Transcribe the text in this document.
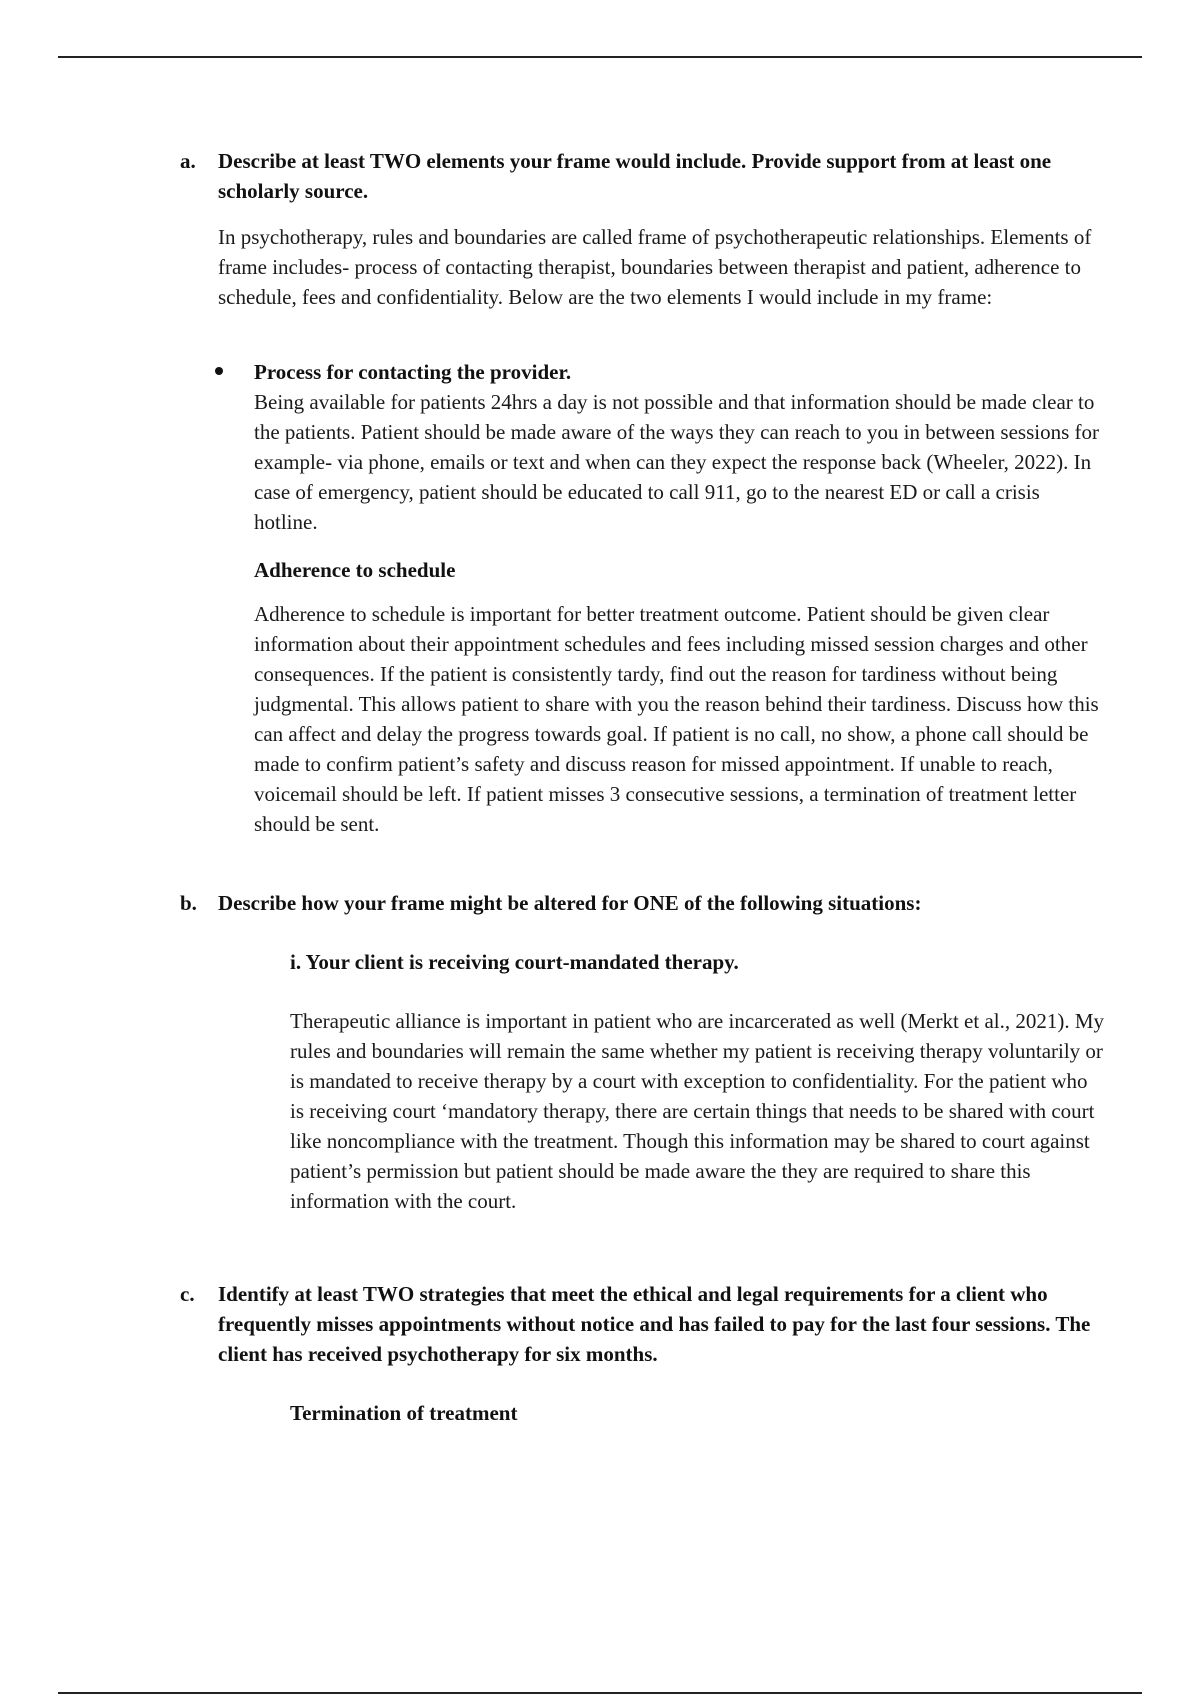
a. Describe at least TWO elements your frame would include. Provide support from at least one scholarly source.

In psychotherapy, rules and boundaries are called frame of psychotherapeutic relationships. Elements of frame includes- process of contacting therapist, boundaries between therapist and patient, adherence to schedule, fees and confidentiality. Below are the two elements I would include in my frame:

Process for contacting the provider.

Being available for patients 24hrs a day is not possible and that information should be made clear to the patients. Patient should be made aware of the ways they can reach to you in between sessions for example- via phone, emails or text and when can they expect the response back (Wheeler, 2022). In case of emergency, patient should be educated to call 911, go to the nearest ED or call a crisis hotline.

Adherence to schedule

Adherence to schedule is important for better treatment outcome. Patient should be given clear information about their appointment schedules and fees including missed session charges and other consequences. If the patient is consistently tardy, find out the reason for tardiness without being judgmental. This allows patient to share with you the reason behind their tardiness. Discuss how this can affect and delay the progress towards goal. If patient is no call, no show, a phone call should be made to confirm patient’s safety and discuss reason for missed appointment. If unable to reach, voicemail should be left. If patient misses 3 consecutive sessions, a termination of treatment letter should be sent.

b. Describe how your frame might be altered for ONE of the following situations:

i. Your client is receiving court-mandated therapy.

Therapeutic alliance is important in patient who are incarcerated as well (Merkt et al., 2021). My rules and boundaries will remain the same whether my patient is receiving therapy voluntarily or is mandated to receive therapy by a court with exception to confidentiality. For the patient who is receiving court ‘mandatory therapy, there are certain things that needs to be shared with court like noncompliance with the treatment. Though this information may be shared to court against patient’s permission but patient should be made aware the they are required to share this information with the court.

c. Identify at least TWO strategies that meet the ethical and legal requirements for a client who frequently misses appointments without notice and has failed to pay for the last four sessions. The client has received psychotherapy for six months.

Termination of treatment
